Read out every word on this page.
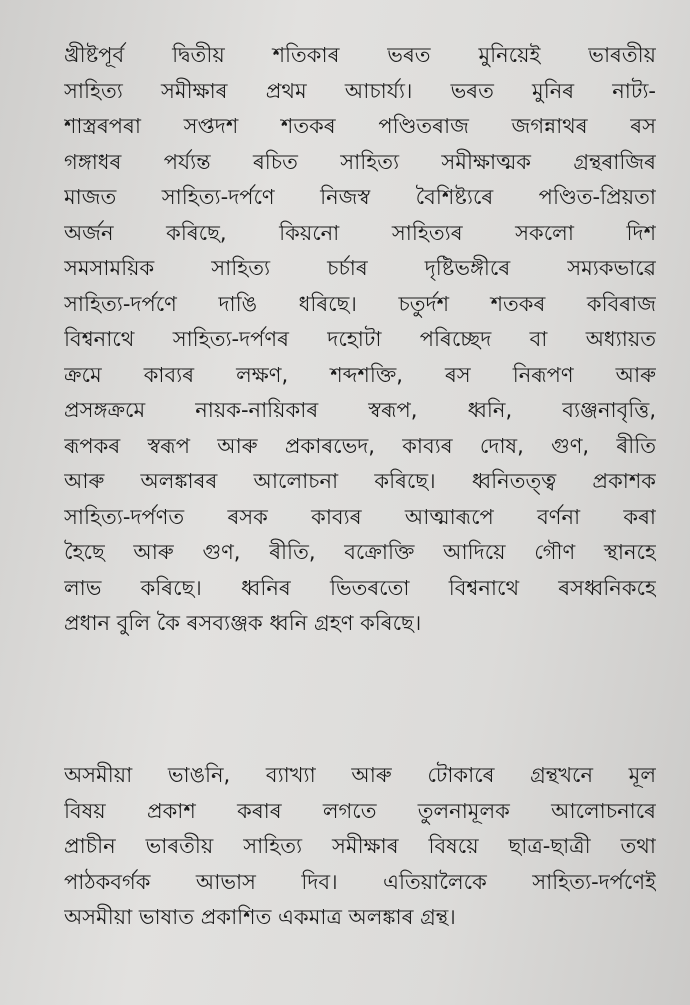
খ্ৰীষ্টপূৰ্ব দ্বিতীয় শতিকাৰ ভৰত মুনিয়েই ভাৰতীয়
সাহিত্য সমীক্ষাৰ প্ৰথম আচাৰ্য্য। ভৰত মুনিৰ নাট্য-
শাস্ত্ৰৰপৰা সপ্তদশ শতকৰ পণ্ডিতৰাজ জগন্নাথৰ ৰস
গঙ্গাধৰ পৰ্য্যন্ত ৰচিত সাহিত্য সমীক্ষাত্মক গ্ৰন্থৰাজিৰ
মাজত সাহিত্য-দৰ্পণে নিজস্ব বৈশিষ্ট্যৰে পণ্ডিত-প্ৰিয়তা
অৰ্জন কৰিছে, কিয়নো সাহিত্যৰ সকলো দিশ
সমসাময়িক সাহিত্য চৰ্চাৰ দৃষ্টিভঙ্গীৰে সম্যকভাৱে
সাহিত্য-দৰ্পণে দাঙি ধৰিছে। চতুৰ্দশ শতকৰ কবিৰাজ
বিশ্বনাথে সাহিত্য-দৰ্পণৰ দহোটা পৰিচ্ছেদ বা অধ্যায়ত
ক্ৰমে কাব্যৰ লক্ষণ, শব্দশক্তি, ৰস নিৰূপণ আৰু
প্ৰসঙ্গক্ৰমে নায়ক-নায়িকাৰ স্বৰূপ, ধ্বনি, ব্যঞ্জনাবৃত্তি,
ৰূপকৰ স্বৰূপ আৰু প্ৰকাৰভেদ, কাব্যৰ দোষ, গুণ, ৰীতি
আৰু অলঙ্কাৰৰ আলোচনা কৰিছে। ধ্বনিতত্ত্ব প্ৰকাশক
সাহিত্য-দৰ্পণত ৰসক কাব্যৰ আত্মাৰূপে বৰ্ণনা কৰা
হৈছে আৰু গুণ, ৰীতি, বক্ৰোক্তি আদিয়ে গৌণ স্থানহে
লাভ কৰিছে। ধ্বনিৰ ভিতৰতো বিশ্বনাথে ৰসধ্বনিকহে
প্ৰধান বুলি কৈ ৰসব্যঞ্জক ধ্বনি গ্ৰহণ কৰিছে।
অসমীয়া ভাঙনি, ব্যাখ্যা আৰু টোকাৰে গ্ৰন্থখনে মূল
বিষয় প্ৰকাশ কৰাৰ লগতে তুলনামূলক আলোচনাৰে
প্ৰাচীন ভাৰতীয় সাহিত্য সমীক্ষাৰ বিষয়ে ছাত্ৰ-ছাত্ৰী তথা
পাঠকবৰ্গক আভাস দিব। এতিয়ালৈকে সাহিত্য-দৰ্পণেই
অসমীয়া ভাষাত প্ৰকাশিত একমাত্ৰ অলঙ্কাৰ গ্ৰন্থ।
